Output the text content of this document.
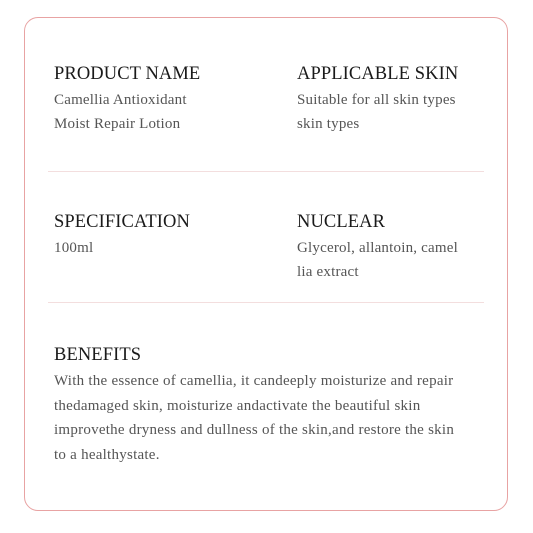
PRODUCT NAME
Camellia Antioxidant
Moist Repair Lotion
APPLICABLE SKIN
Suitable for all skin types
skin types
SPECIFICATION
100ml
NUCLEAR
Glycerol, allantoin, camel
lia extract
BENEFITS
With the essence of camellia, it candeeply moisturize and repair
thedamaged skin, moisturize andactivate the beautiful skin
improvethe dryness and dullness of the skin,and restore the skin
to a healthystate.
